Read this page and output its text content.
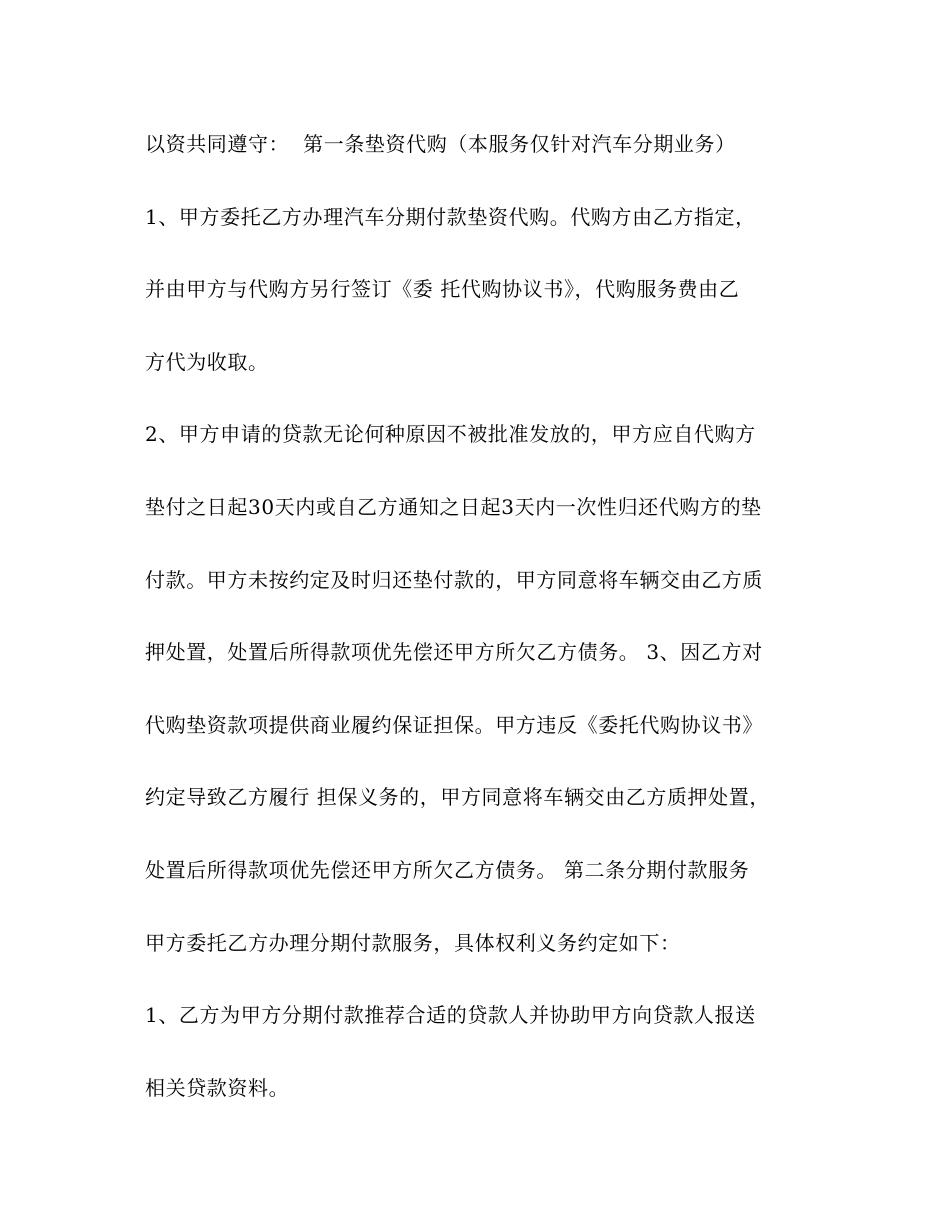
以资共同遵守：  第一条垫资代购（本服务仅针对汽车分期业务）
1、甲方委托乙方办理汽车分期付款垫资代购。代购方由乙方指定，
并由甲方与代购方另行签订《委 托代购协议书》，代购服务费由乙
方代为收取。
2、甲方申请的贷款无论何种原因不被批准发放的，甲方应自代购方
垫付之日起30天内或自乙方通知之日起3天内一次性归还代购方的垫
付款。甲方未按约定及时归还垫付款的，甲方同意将车辆交由乙方质
押处置，处置后所得款项优先偿还甲方所欠乙方债务。 3、因乙方对
代购垫资款项提供商业履约保证担保。甲方违反《委托代购协议书》
约定导致乙方履行 担保义务的，甲方同意将车辆交由乙方质押处置，
处置后所得款项优先偿还甲方所欠乙方债务。 第二条分期付款服务
甲方委托乙方办理分期付款服务，具体权利义务约定如下：
1、乙方为甲方分期付款推荐合适的贷款人并协助甲方向贷款人报送
相关贷款资料。
